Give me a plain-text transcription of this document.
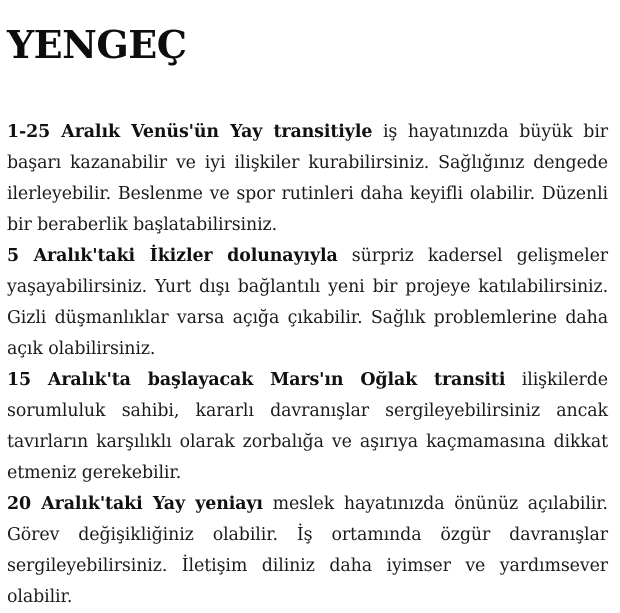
YENGEÇ

1-25 Aralık Venüs'ün Yay transitiyle iş hayatınızda büyük bir başarı kazanabilir ve iyi ilişkiler kurabilirsiniz. Sağlığınız dengede ilerleyebilir. Beslenme ve spor rutinleri daha keyifli olabilir. Düzenli bir beraberlik başlatabilirsiniz.

5 Aralık'taki İkizler dolunayıyla sürpriz kadersel gelişmeler yaşayabilirsiniz. Yurt dışı bağlantılı yeni bir projeye katılabilirsiniz. Gizli düşmanlıklar varsa açığa çıkabilir. Sağlık problemlerine daha açık olabilirsiniz.

15 Aralık'ta başlayacak Mars'ın Oğlak transiti ilişkilerde sorumluluk sahibi, kararlı davranışlar sergileyebilirsiniz ancak tavırların karşılıklı olarak zorbalığa ve aşırıya kaçmamasına dikkat etmeniz gerekebilir.

20 Aralık'taki Yay yeniayı meslek hayatınızda önünüz açılabilir. Görev değişikliğiniz olabilir. İş ortamında özgür davranışlar sergileyebilirsiniz. İletişim diliniz daha iyimser ve yardımsever olabilir.
